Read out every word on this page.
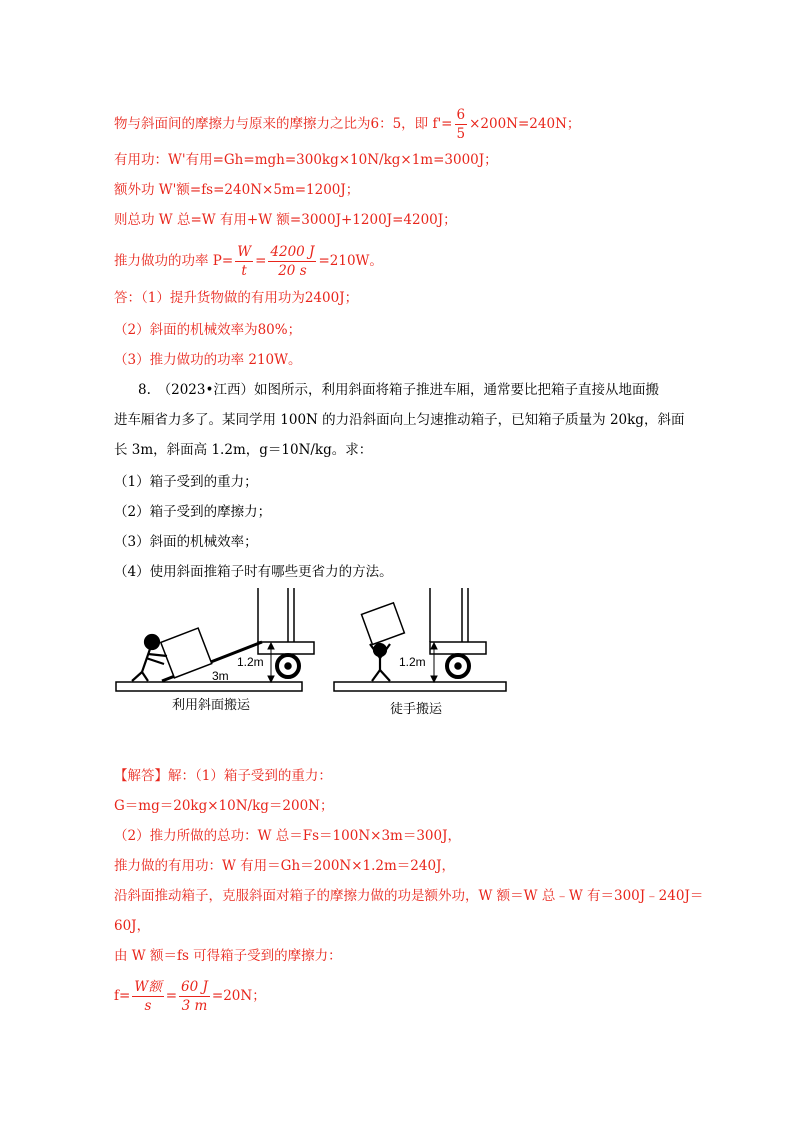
物与斜面间的摩擦力与原来的摩擦力之比为6：5，即 $f'= \frac{6}{5} \times 200N=240N$；
有用功：W'有用=Gh=mgh=300kg×10N/kg×1m=3000J；
额外功 W'额=fs=240N×5m=1200J；
则总功 W 总=W 有用+W 额=3000J+1200J=4200J；
推力做功的功率 $P= \frac{W}{t} = \frac{4200 J}{20 s} =210W$。
答：（1）提升货物做的有用功为2400J；
（2）斜面的机械效率为80%；
（3）推力做功的功率 210W。
8.　（2023•江西）如图所示，利用斜面将箱子推进车厢，通常要比把箱子直接从地面搬
进车厢省力多了。某同学用 100N 的力沿斜面向上匀速推动箱子，已知箱子质量为 20kg，斜面
长 3m，斜面高 1.2m，g＝10N/kg。求：
（1）箱子受到的重力；
（2）箱子受到的摩擦力；
（3）斜面的机械效率；
（4）使用斜面推箱子时有哪些更省力的方法。
1.2m
3m
1.2m
利用斜面搬运	徒手搬运
【解答】解：（1）箱子受到的重力：
G＝mg＝20kg×10N/kg＝200N；
（2）推力所做的总功：W 总＝Fs＝100N×3m＝300J，
推力做的有用功：W 有用＝Gh＝200N×1.2m＝240J，
沿斜面推动箱子，克服斜面对箱子的摩擦力做的功是额外功，W 额＝W 总﹣W 有＝300J﹣240J＝
60J，
由 W 额＝fs 可得箱子受到的摩擦力：
$f= \frac{\text{W额}}{s} = \frac{60 J}{3 m} =20N$；
